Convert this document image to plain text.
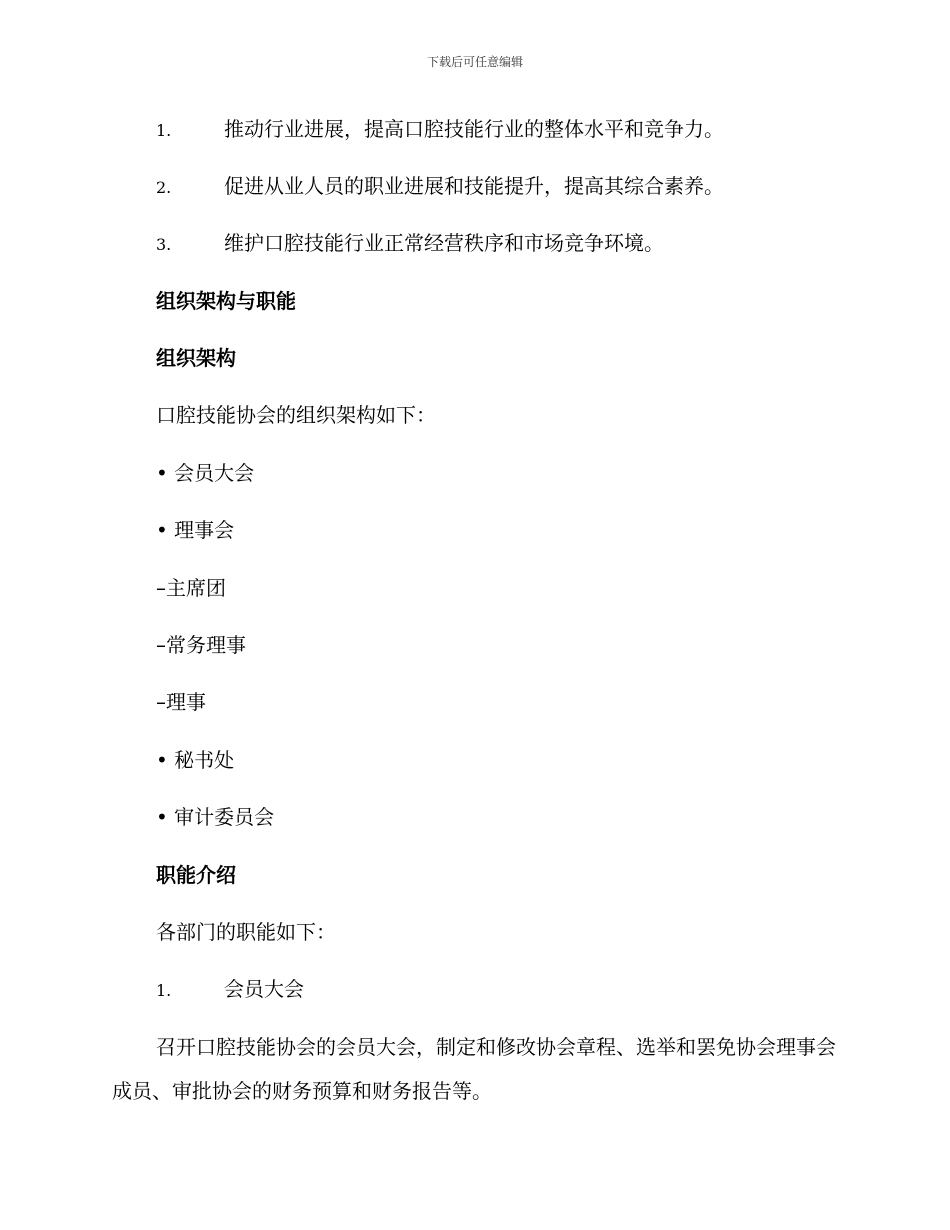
下载后可任意编辑
1.	推动行业进展，提高口腔技能行业的整体水平和竞争力。
2.	促进从业人员的职业进展和技能提升，提高其综合素养。
3.	维护口腔技能行业正常经营秩序和市场竞争环境。
组织架构与职能
组织架构
口腔技能协会的组织架构如下：
• 会员大会
• 理事会
–主席团
–常务理事
–理事
• 秘书处
• 审计委员会
职能介绍
各部门的职能如下：
1.	会员大会
召开口腔技能协会的会员大会，制定和修改协会章程、选举和罢免协会理事会成员、审批协会的财务预算和财务报告等。
